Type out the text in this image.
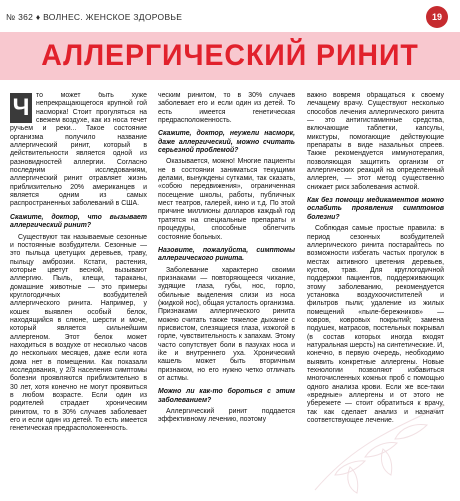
№ 362 ♦ ВОЛНЕС. ЖЕНСКОЕ ЗДОРОВЬЕ	19
АЛЛЕРГИЧЕСКИЙ РИНИТ
Ч то может быть хуже непрекращающегося крупной гой насморка! Стоит прогуляться на свежем воздухе, как из носа течет ручьем и реки... Такое состояние организма получило название аллергический ринит, который в действительности является одной из разновидностей аллергии. Согласно последним исследованиям, аллергический ринит отравляет жизнь приблизительно 20% американцев и является одним из самых распространенных заболеваний в США.

Скажите, доктор, что вызывает аллергический ринит?

Существуют так называемые сезонные и постоянные возбудители. Сезонные — это пыльца цветущих деревьев, траву, пыльцу амброзии. Кстати, растения, которые цветут весной, вызывают аллергию. Пыль, клещи, тараканы, домашние животные — это примеры круглогодичных возбудителей аллергического ринита. Например, у кошек выявлен особый белок, находящийся в слюне, шерсти и моче, который является сильнейшим аллергеном. Этот белок может находиться в воздухе от несколько часов до нескольких месяцев, даже если кота дома нет в помещении. Как показали исследования, у 2/3 населения симптомы болезни проявляются приблизительно в 30 лет, хотя конечно не могут проявиться в любом возрасте. Если один из родителей страдает хроническим ринитом, то в 30% случаев заболевает его и если один из детей. То есть имеется генетическая предрасположенность.

ческим ринитом, то в 30% случаев заболевает его и если один из детей. То есть имеется генетическая предрасположенность.

Скажите, доктор, неужели насморк, даже аллергический, можно считать серьезной проблемой?

Оказывается, можно! Многие пациенты не в состоянии заниматься текущими делами, вынуждены сутками, так сказать, «собою передвижения», ограниченная посещение школы, работы, публичных мест театров, галерей, кино и т.д. По этой причине миллионы долларов каждый год тратятся на специальные препараты и процедуры, способные облегчить состояние больных.

Назовите, пожалуйста, симптомы аллергического ринита.

Заболевание характерно своими признаками — повторяющееся чихание, зудящие глаза, губы, нос, горло, обильные выделения слизи из носа (жидкой нос), общая усталость организма. Признаками аллергического ринита можно считать также тяжелое дыхание с присвистом, слезящиеся глаза, изжогой в горле, чувствительность к запахам. Этому часто сопутствует боли в пазухах носа и ike и внутреннего уха. Хронический кашель может быть вторичным признаком, но его нужно четко отличать от астмы.

Можно ли как-то бороться с этим заболеванием?

Аллергический ринит поддается эффективному лечению, поэтому

важно вовремя обращаться к своему лечащему врачу. Существуют несколько способов лечения аллергического ринита — это антигистаминные средства, включающие таблетки, капсулы, микстуры, помогающие действующие препараты в виде назальных спреев. Также рекомендуется иммунотерапия, позволяющая защитить организм от аллергических реакций на определенный аллерген, — этот метод существенно снижает риск заболевания астмой.

Как без помощи медикаментов можно ослабить проявления симптомов болезни?

Соблюдая самые простые правила: в период сезонных возбудителей аллергического ринита постарайтесь по возможности избегать частых прогулок в местах активного цветения деревьев, кустов, трав. Для круглогодичной поддержки пациентов, поддерживающих этому заболеванию, рекомендуется установка воздухоочистителей и фильтров пыли; удаление из жилых помещений «пыле-бережников» — ковров, ковровых покрытий; замена подушек, матрасов, постельных покрывал (в состав которых иногда входят натуральная шерсть) на синтетические. И, конечно, в первую очередь, необходимо выявить конкретные аллергены. Новые технологии позволяют избавиться многочисленных кожных проб с помощью одного анализа крови. Если же все-таки «вредные» аллергены и от этого не убережете — стоит обратиться к врачу, так как сделает анализ и назначит соответствующее лечение.
